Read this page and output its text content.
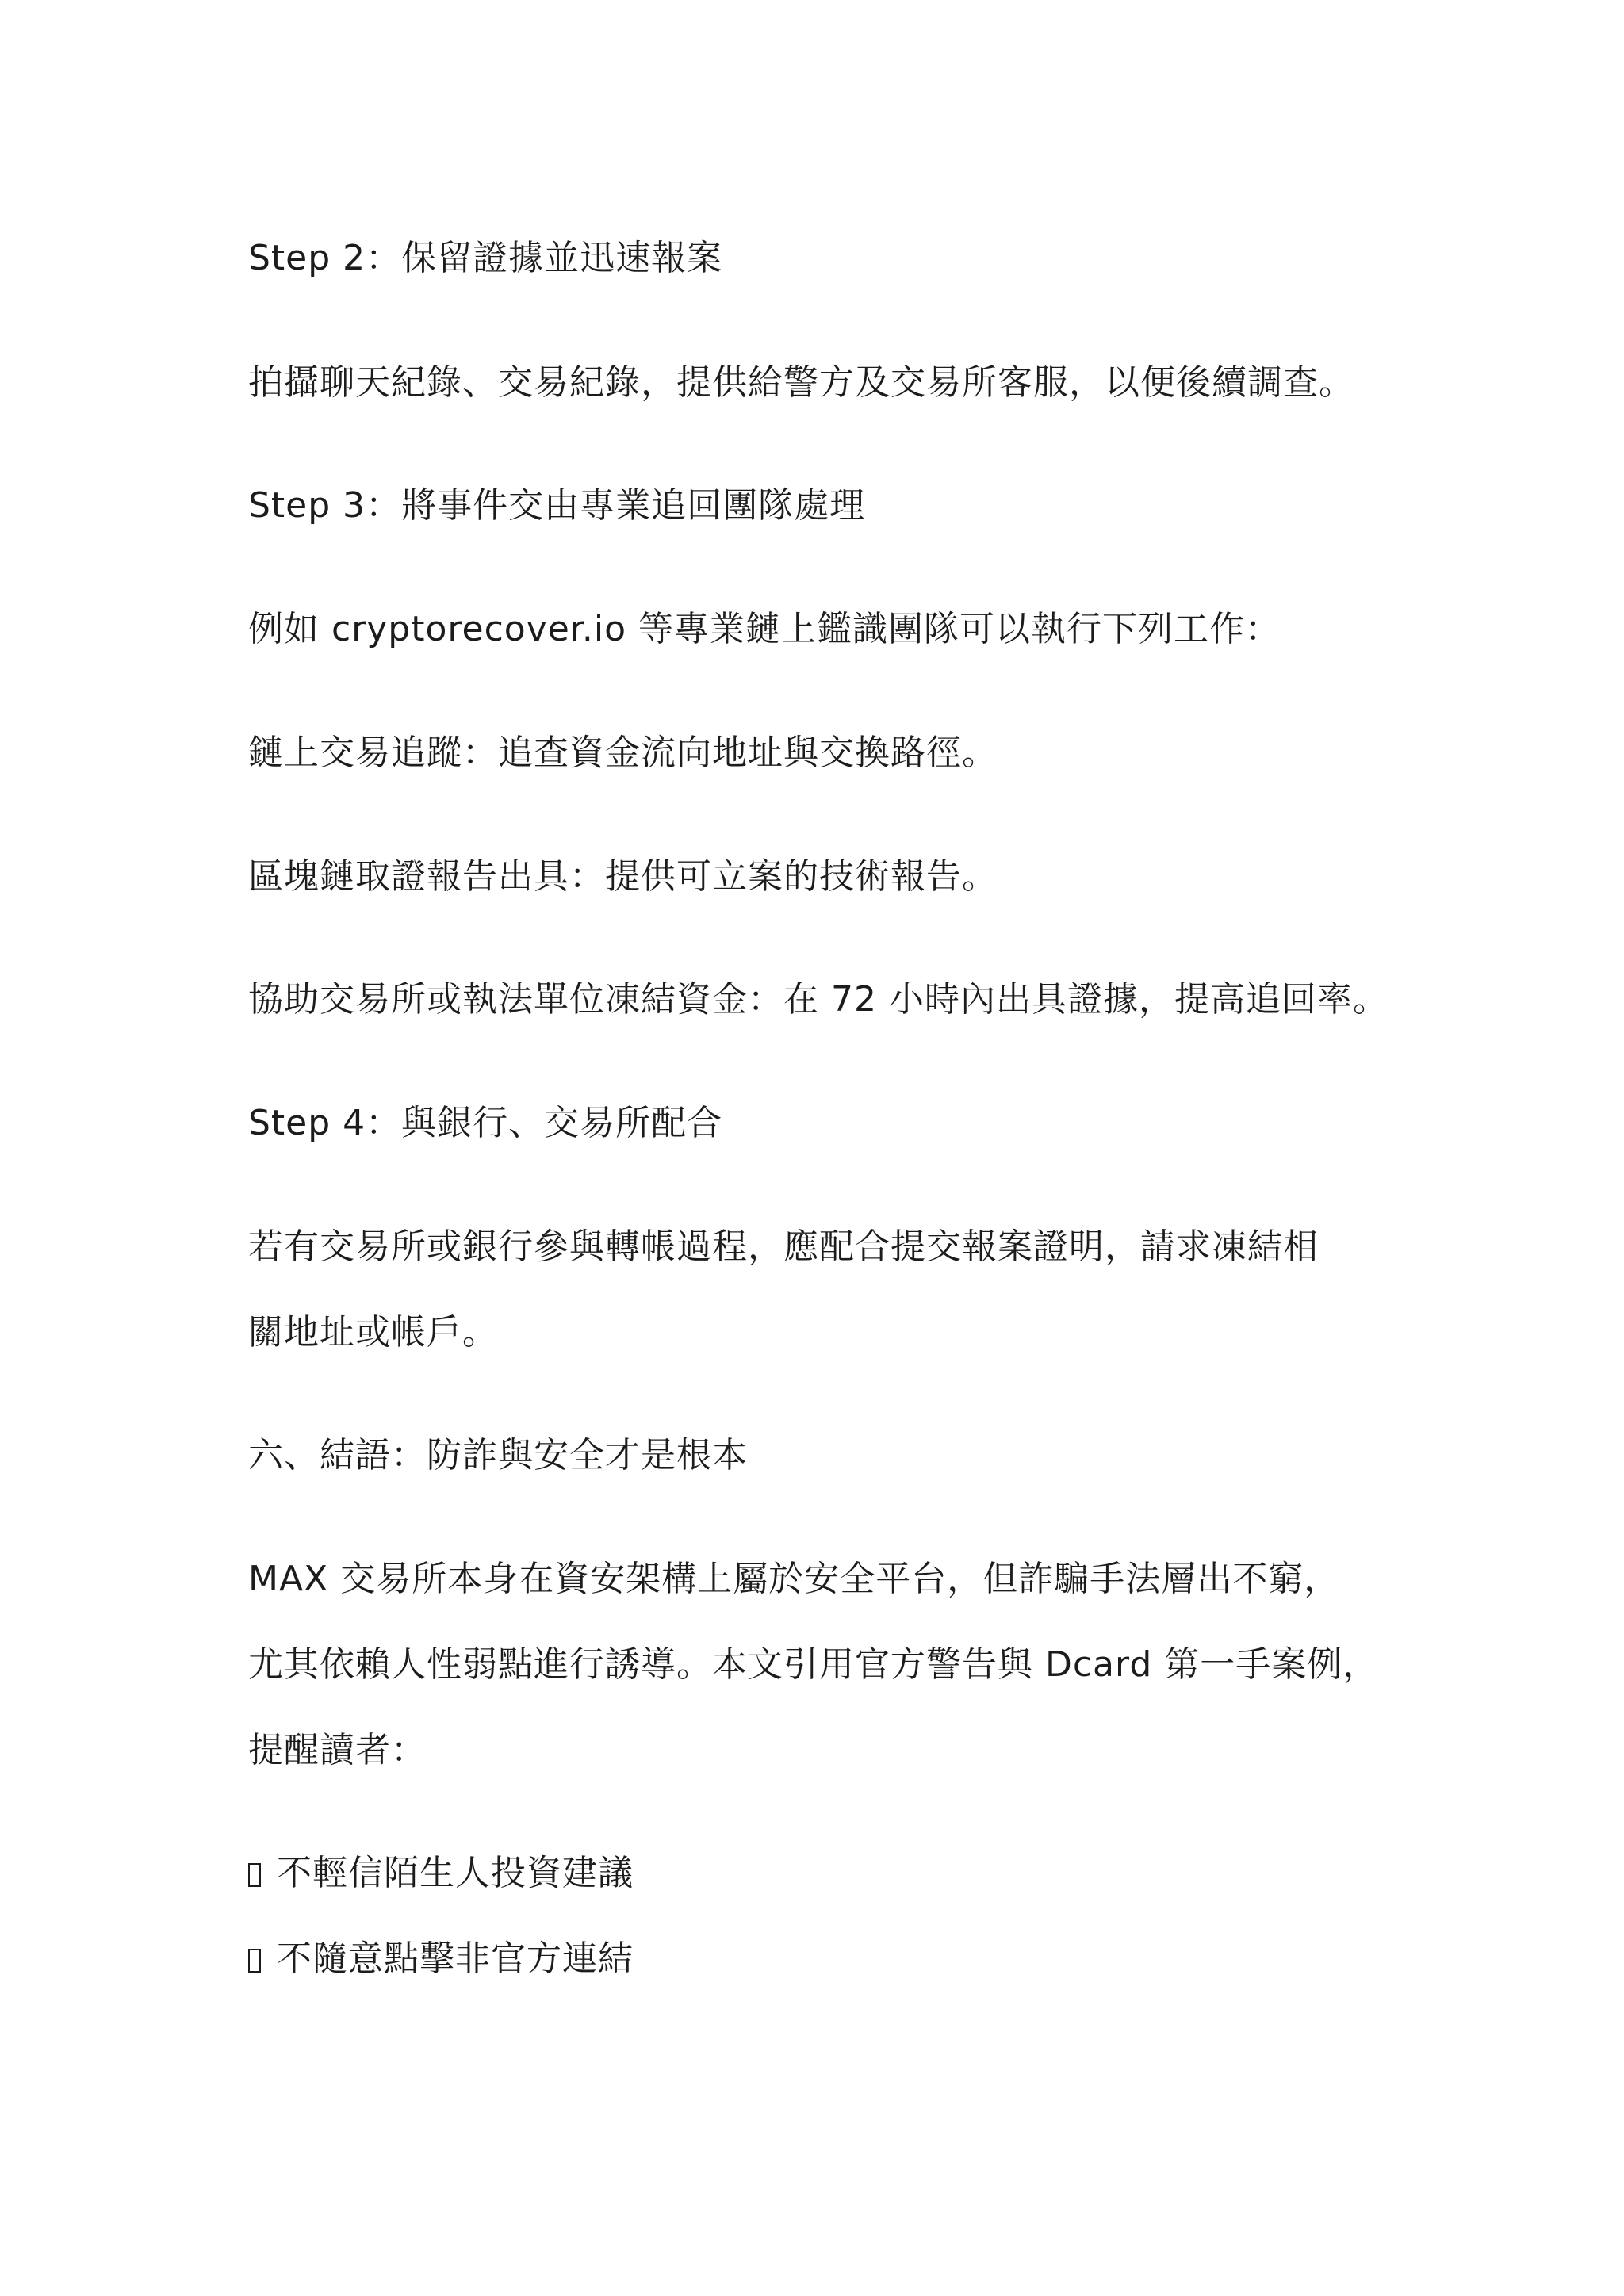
Step 2：保留證據並迅速報案

拍攝聊天紀錄、交易紀錄，提供給警方及交易所客服，以便後續調查。

Step 3：將事件交由專業追回團隊處理

例如 cryptorecover.io 等專業鏈上鑑識團隊可以執行下列工作：

鏈上交易追蹤：追查資金流向地址與交換路徑。

區塊鏈取證報告出具：提供可立案的技術報告。

協助交易所或執法單位凍結資金：在 72 小時內出具證據，提高追回率。

Step 4：與銀行、交易所配合

若有交易所或銀行參與轉帳過程，應配合提交報案證明，請求凍結相

關地址或帳戶。

六、結語：防詐與安全才是根本

MAX 交易所本身在資安架構上屬於安全平台，但詐騙手法層出不窮，

尤其依賴人性弱點進行誘導。本文引用官方警告與 Dcard 第一手案例，

提醒讀者：

不輕信陌生人投資建議

不隨意點擊非官方連結
